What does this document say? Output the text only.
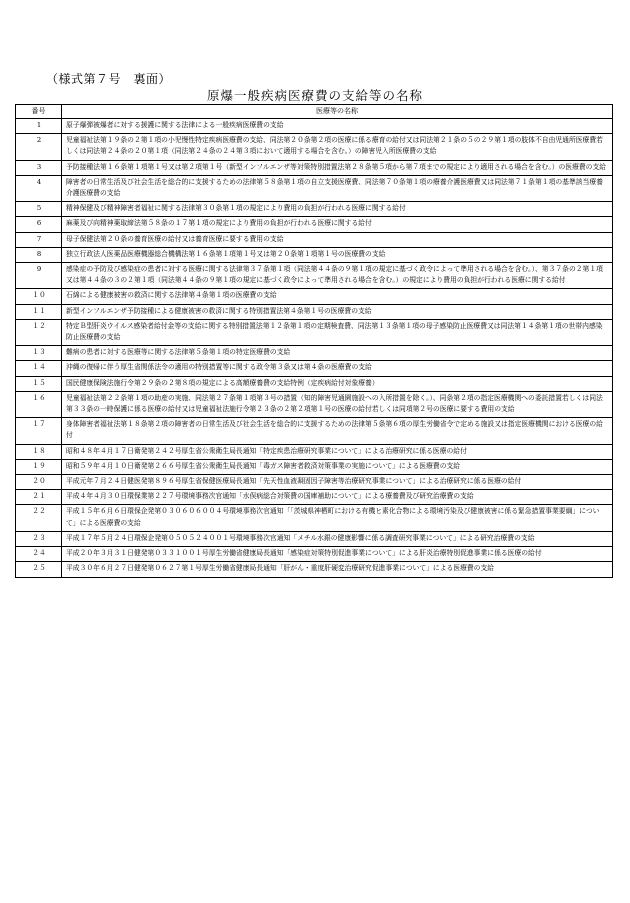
（様式第７号　裏面）
原爆一般疾病医療費の支給等の名称
番号	医療等の名称
1	原子爆弾被爆者に対する援護に関する法律による一般疾病医療費の支給
2	児童福祉法第１９条の２第１項の小児慢性特定疾病医療費の支給、同法第２０条第２項の医療に係る療育の給付又は同法第２１条の５の２９第１項の肢体不自由児通所医療費若しくは同法第２４条の２０第１項（同法第２４条の２４第３項において適用する場合を含む。）の障害児入所医療費の支給
3	予防接種法第１６条第１項第１号又は第２項第１号（新型インフルエンザ等対策特別措置法第２８条第５項から第７項までの規定により適用される場合を含む。）の医療費の支給
4	障害者の日常生活及び社会生活を総合的に支援するための法律第５８条第１項の自立支援医療費、同法第７０条第１項の療養介護医療費又は同法第７１条第１項の基準該当療養介護医療費の支給
5	精神保健及び精神障害者福祉に関する法律第３０条第１項の規定により費用の負担が行われる医療に関する給付
6	麻薬及び向精神薬取締法第５８条の１７第１項の規定により費用の負担が行われる医療に関する給付
7	母子保健法第２０条の養育医療の給付又は養育医療に要する費用の支給
8	独立行政法人医薬品医療機器総合機構法第１６条第１項第１号又は第２０条第１項第１号の医療費の支給
9	感染症の予防及び感染症の患者に対する医療に関する法律第３７条第１項（同法第４４条の９第１項の規定に基づく政令によって準用される場合を含む。）、第３７条の２第１項又は第４４条の３の２第１項（同法第４４条の９第１項の規定に基づく政令によって準用される場合を含む。）の規定により費用の負担が行われる医療に関する給付
１０	石綿による健康被害の救済に関する法律第４条第１項の医療費の支給
１１	新型インフルエンザ予防接種による健康被害の救済に関する特別措置法第４条第１号の医療費の支給
１２	特定Ｂ型肝炎ウイルス感染者給付金等の支給に関する特別措置法第１２条第１項の定期検査費、同法第１３条第１項の母子感染防止医療費又は同法第１４条第１項の世帯内感染防止医療費の支給
１３	難病の患者に対する医療等に関する法律第５条第１項の特定医療費の支給
１４	沖縄の復帰に伴う厚生省関係法令の適用の特別措置等に関する政令第３条又は第４条の医療費の支給
１５	国民健康保険法施行令第２９条の２第８項の規定による高額療養費の支給特例（定疾病給付対象療養）
１６	児童福祉法第２２条第１項の助産の実施、同法第２７条第１項第３号の措置（知的障害児通園施設への入所措置を除く。）、同条第２項の指定医療機関への委託措置若しくは同法第３３条の一時保護に係る医療の給付又は児童福祉法施行令第２３条の２第２項第１号の医療の給付若しくは同項第２号の医療に要する費用の支給
１７	身体障害者福祉法第１８条第２項の障害者の日常生活及び社会生活を総合的に支援するための法律第５条第６項の厚生労働省令で定める施設又は指定医療機関における医療の給付
１８	昭和４８年４月１７日衛発第２４２号厚生省公衆衛生局長通知「特定疾患治療研究事業について」による治療研究に係る医療の給付
１９	昭和５９年４月１０日衛発第２６６号厚生省公衆衛生局長通知「毒ガス障害者救済対策事業の実施について」による医療費の支給
２０	平成元年７月２４日健医発第８９６号厚生省保健医療局長通知「先天性血液凝固因子障害等治療研究事業について」による治療研究に係る医療の給付
２１	平成４年４月３０日環保業第２２７号環境事務次官通知「水俣病総合対策費の国庫補助について」による療養費及び研究治療費の支給
２２	平成１５年６月６日環保企発第０３０６０６００４号環境事務次官通知「「茨城県神栖町における有機ヒ素化合物による環境汚染及び健康被害に係る緊急措置事業要綱」について」による医療費の支給
２３	平成１７年５月２４日環保企発第０５０５２４００１号環境事務次官通知「メチル水銀の健康影響に係る調査研究事業について」による研究治療費の支給
２４	平成２０年３月３１日健発第０３３１００１号厚生労働省健康局長通知「感染症対策特別促進事業について」による肝炎治療特別促進事業に係る医療の給付
２５	平成３０年６月２７日健発第０６２７第１号厚生労働省健康局長通知「肝がん・重度肝硬変治療研究促進事業について」による医療費の支給
